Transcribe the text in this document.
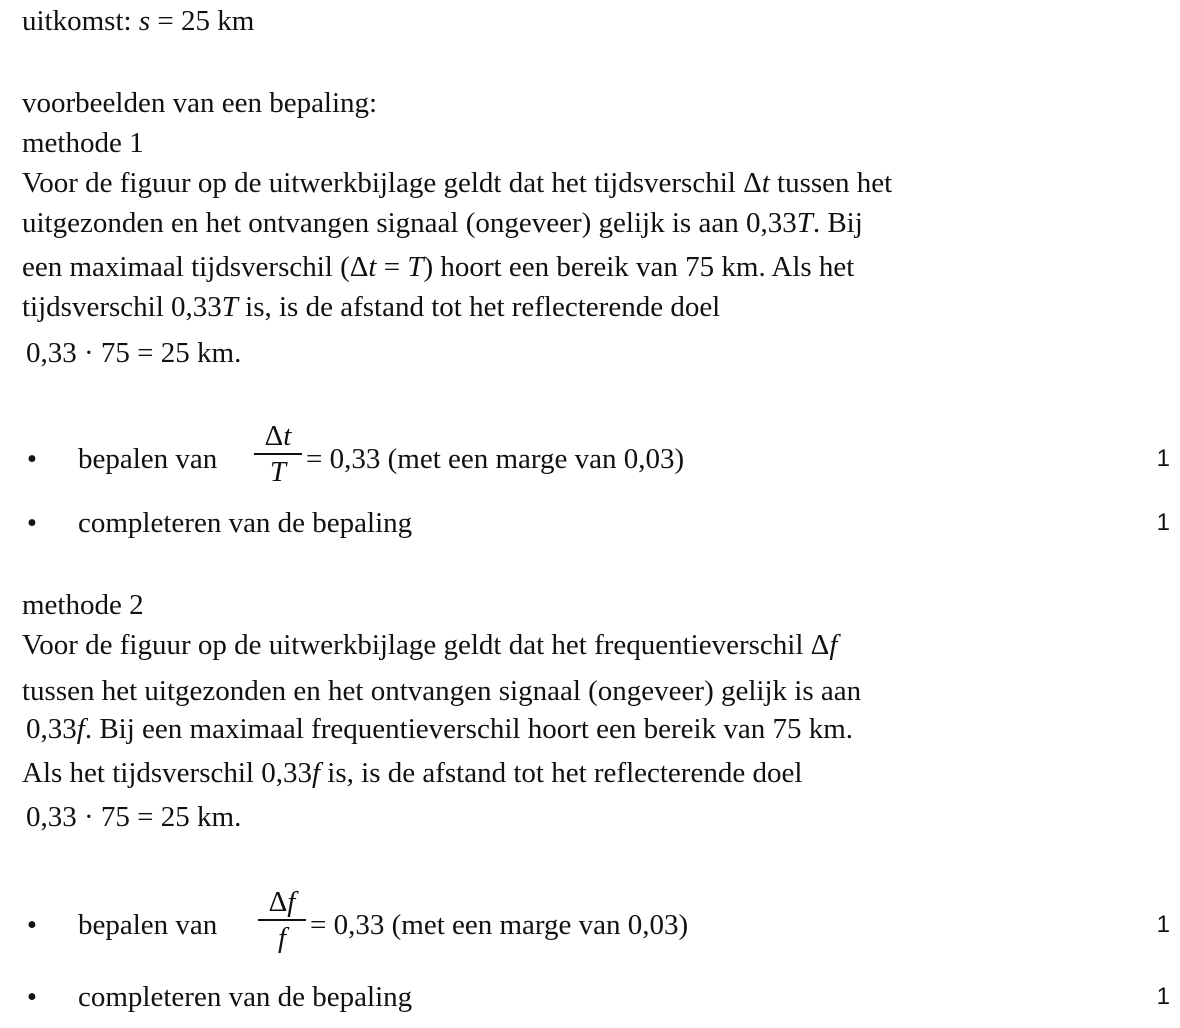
uitkomst: s = 25 km
voorbeelden van een bepaling:
methode 1
Voor de figuur op de uitwerkbijlage geldt dat het tijdsverschil Δt tussen het
uitgezonden en het ontvangen signaal (ongeveer) gelijk is aan 0,33T. Bij
een maximaal tijdsverschil (Δt = T) hoort een bereik van 75 km. Als het
tijdsverschil 0,33T is, is de afstand tot het reflecterende doel
0,33 · 75 = 25 km.
• bepalen van
Δt
T = 0,33 (met een marge van 0,03)	1
• completeren van de bepaling	1
methode 2
Voor de figuur op de uitwerkbijlage geldt dat het frequentieverschil Δf
tussen het uitgezonden en het ontvangen signaal (ongeveer) gelijk is aan
0,33f. Bij een maximaal frequentieverschil hoort een bereik van 75 km.
Als het tijdsverschil 0,33f is, is de afstand tot het reflecterende doel
0,33 · 75 = 25 km.
• bepalen van
Δf
f = 0,33 (met een marge van 0,03)	1
• completeren van de bepaling	1
